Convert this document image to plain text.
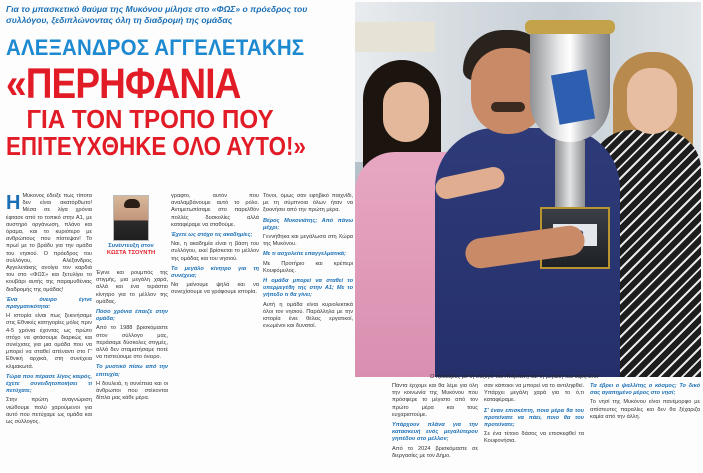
Για το μπασκετικό θαύμα της Μυκόνου μίλησε στο «ΦΩΣ» ο πρόεδρος του συλλόγου, ξεδιπλώνοντας όλη τη διαδρομή της ομάδας
ΑΛΕΞΑΝΔΡΟΣ ΑΓΓΕΛΕΤΑΚΗΣ
«ΠΕΡΗΦΑΝΙΑ
ΓΙΑ ΤΟΝ ΤΡΟΠΟ ΠΟΥ
ΕΠΙΤΕΥΧΘΗΚΕ ΟΛΟ ΑΥΤΟ!»

Η Μύκονος έδειξε πως τίποτα δεν είναι ακατόρθωτο! Μέσα σε λίγα χρόνια έφτασε από το τοπικό στην Α1, με αυστηρό οργάνωση, πλάνο και όραμα, και το κυριότερο με ανθρώπους που πίστεψαν! Το πρωί με το βράδυ για την ομάδα του νησιού. Ο πρόεδρος του συλλόγου, Αλέξανδρος Αγγελετάκης ανοίγει τον καρδιά του στο «ΦΩΣ» και ξετυλίγει το κουβάρι αυτής της παραμυθένιας διαδρομής της ομάδας!

Ένα όνειρο έγινε πραγματικότητα:

Η ιστορία είναι πως ξεκινήσαμε στις Εθνικές κατηγορίες μόλις πριν 4-5 χρόνια έχοντας ως πρώτο στόχο να φτάσουμε διαρκώς και συνέχισες για μια ομάδα που να μπορεί να σταθεί απέναντι στο Γ' Εθνική αρχικά, στη συνέχεια κλιμακωτά.

Τώρα που πέρασε λίγος καιρός, έχετε συνειδητοποιήσει τι πετύχατε;

Στην πρώτη αναγνώριση νιώθουμε πολύ χαρούμενοι για αυτό που πετύχαμε ως ομάδα και ως σύλλογος.

Συνέντευξη στον
ΚΩΣΤΑ ΤΣΟΥΝΤΗ

Έγινε και ρουμπός της στιγμής, μια μεγάλη χαρά, αλλά και ένα τεράστιο κίνητρο για το μέλλον της ομάδας.

Πόσο χρόνια έπαιζε στην ομάδα;

Από το 1988 βρισκόμαστε στον σύλλογο μας, περάσαμε δύσκολες στιγμές, αλλά δεν σταματήσαμε ποτέ να πιστεύουμε στο όνειρο.

Το μυστικό πίσω από την επιτυχία;

Η δουλειά, η συνέπεια και οι άνθρωποι που στέκονται δίπλα μας κάθε μέρα.

γραφτο, αυτόν που αναλαμβάνουμε αυτό το ρόλο. Αντιμετωπίσαμε στο παρελθόν πολλές δυσκολίες αλλά καταφέραμε να σταθούμε.

Έχετε ως στόχο τις ακαδημίες;

Ναι, η ακαδημία είναι η βάση του συλλόγου, εκεί βρίσκεται το μέλλον της ομάδας και του νησιού.

Το μεγάλο κίνητρο για τη συνέχεια;

Να μείνουμε ψηλά και να συνεχίσουμε να γράφουμε ιστορία.

Τόνοι, όμως σαν εφηβικό παιχνίδι, με τη σύμπνοια όλων ήταν να ξεκινήσει από την πρώτη μέρα.

Βέρος Μυκονιάτης; Από πάνω μέχρι;

Γεννήθηκα και μεγάλωσα στη Χώρα της Μυκόνου.

Με τι ασχολείτε επαγγελματικά;

Με Προτήριο και κρέπερι Κουφόμυλος.

Η ομάδα μπορεί να σταθεί το υπερμεγέθη της στην Α1; Με το γήπεδο τι θα γίνει;

Αυτή η ομάδα είναι κυριολεκτικά όλοι τον νησιού. Παράλληλα με την ιστορία ένιε θέλεις εργατικοί, ενωμένοι και δυνατοί.

Ο πρόεδρος με τη σύζυγό του Ανδρεανή και τη μεγάλη του κόρη Ελίν

Πάντα έρχομε και θα λέμε για όλη την κοινωνία της Μυκόνου που πρόσφερε το μέγιστο από τον πρώτο μέρα και τους ευχαριστούμε.

Υπάρχουν πλάνα για την κατασκευή ενός μεγαλύτερου γηπέδου στο μέλλον;

Από το 2024 βρισκόμαστε σε διεργασίες με τον Δήμο.

σαν κάποιοι να μπορεί να το αντιληφθεί. Υπάρχει μεγάλη χαρά για το ό,τι καταφέραμε.

Σ' έναν επισκέπτη, ποια μέρα θα του προτείνατε να πάει, ποιο θα του προτείνατε;

Σε ένα τέτοιο δάσος να επισκεφθεί τα Κουφονήσια.

Τα έβρει ο ψαλλίτης ο κόσμος; Το δικό σας αγαπημένο μέρος στο νησί;

Το νησί της Μυκόνου είναι πανέμορφο με απίστευτες παραλίες και δεν θα ξέχαριζα καμία από την άλλη.
